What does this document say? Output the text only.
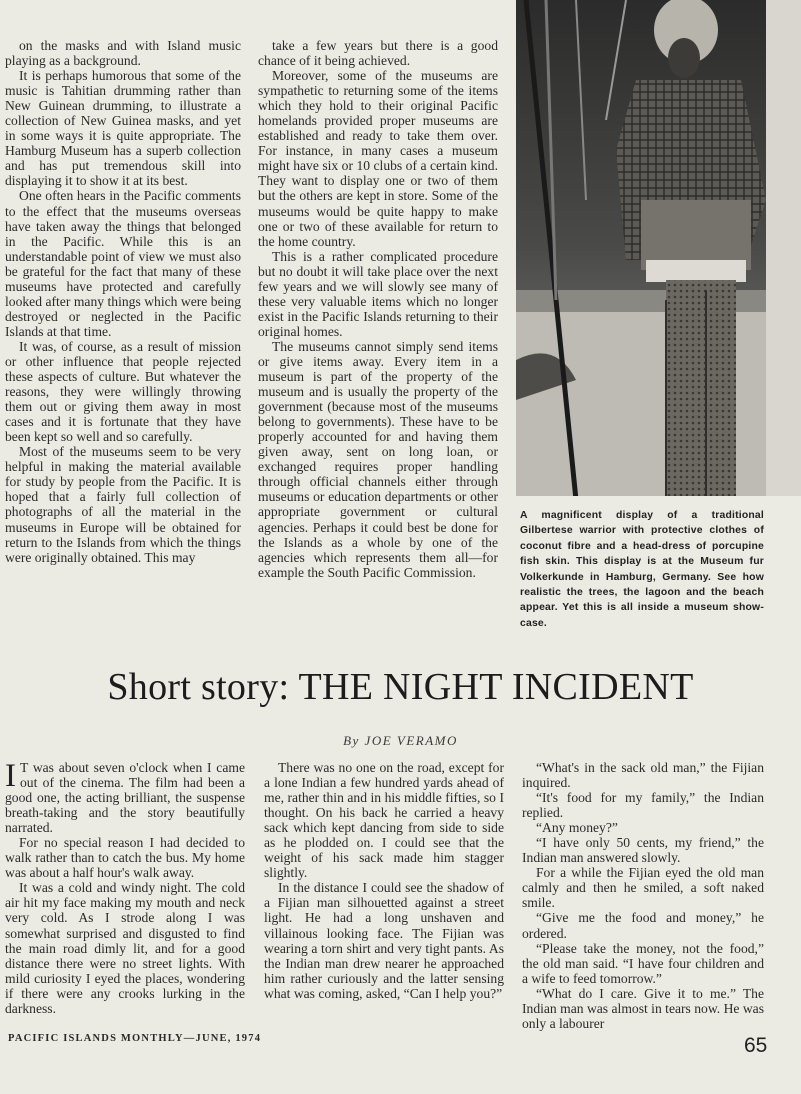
on the masks and with Island music playing as a background.

It is perhaps humorous that some of the music is Tahitian drumming rather than New Guinean drumming, to illustrate a collection of New Guinea masks, and yet in some ways it is quite appropriate. The Hamburg Museum has a superb collection and has put tremendous skill into displaying it to show it at its best.

One often hears in the Pacific comments to the effect that the museums overseas have taken away the things that belonged in the Pacific. While this is an understandable point of view we must also be grateful for the fact that many of these museums have protected and carefully looked after many things which were being destroyed or neglected in the Pacific Islands at that time.

It was, of course, as a result of mission or other influence that people rejected these aspects of culture. But whatever the reasons, they were willingly throwing them out or giving them away in most cases and it is fortunate that they have been kept so well and so carefully.

Most of the museums seem to be very helpful in making the material available for study by people from the Pacific. It is hoped that a fairly full collection of photographs of all the material in the museums in Europe will be obtained for return to the Islands from which the things were originally obtained. This may

take a few years but there is a good chance of it being achieved.

Moreover, some of the museums are sympathetic to returning some of the items which they hold to their original Pacific homelands provided proper museums are established and ready to take them over. For instance, in many cases a museum might have six or 10 clubs of a certain kind. They want to display one or two of them but the others are kept in store. Some of the museums would be quite happy to make one or two of these available for return to the home country.

This is a rather complicated procedure but no doubt it will take place over the next few years and we will slowly see many of these very valuable items which no longer exist in the Pacific Islands returning to their original homes.

The museums cannot simply send items or give items away. Every item in a museum is part of the property of the museum and is usually the property of the government (because most of the museums belong to governments). These have to be properly accounted for and having them given away, sent on long loan, or exchanged requires proper handling through official channels either through museums or education departments or other appropriate government or cultural agencies. Perhaps it could best be done for the Islands as a whole by one of the agencies which represents them all—for example the South Pacific Commission.

A magnificent display of a traditional Gilbertese warrior with protective clothes of coconut fibre and a head-dress of porcupine fish skin. This display is at the Museum fur Volkerkunde in Hamburg, Germany. See how realistic the trees, the lagoon and the beach appear. Yet this is all inside a museum show-case.
Short story: THE NIGHT INCIDENT
By JOE VERAMO

I T was about seven o'clock when I came out of the cinema. The film had been a good one, the acting brilliant, the suspense breath-taking and the story beautifully narrated.

For no special reason I had decided to walk rather than to catch the bus. My home was about a half hour's walk away.

It was a cold and windy night. The cold air hit my face making my mouth and neck very cold. As I strode along I was somewhat surprised and disgusted to find the main road dimly lit, and for a good distance there were no street lights. With mild curiosity I eyed the places, wondering if there were any crooks lurking in the darkness.

There was no one on the road, except for a lone Indian a few hundred yards ahead of me, rather thin and in his middle fifties, so I thought. On his back he carried a heavy sack which kept dancing from side to side as he plodded on. I could see that the weight of his sack made him stagger slightly.

In the distance I could see the shadow of a Fijian man silhouetted against a street light. He had a long unshaven and villainous looking face. The Fijian was wearing a torn shirt and very tight pants. As the Indian man drew nearer he approached him rather curiously and the latter sensing what was coming, asked, “Can I help you?”

“What's in the sack old man,” the Fijian inquired.

“It's food for my family,” the Indian replied.

“Any money?”

“I have only 50 cents, my friend,” the Indian man answered slowly.

For a while the Fijian eyed the old man calmly and then he smiled, a soft naked smile.

“Give me the food and money,” he ordered.

“Please take the money, not the food,” the old man said. “I have four children and a wife to feed tomorrow.”

“What do I care. Give it to me.” The Indian man was almost in tears now. He was only a labourer

PACIFIC ISLANDS MONTHLY—JUNE, 1974	65
